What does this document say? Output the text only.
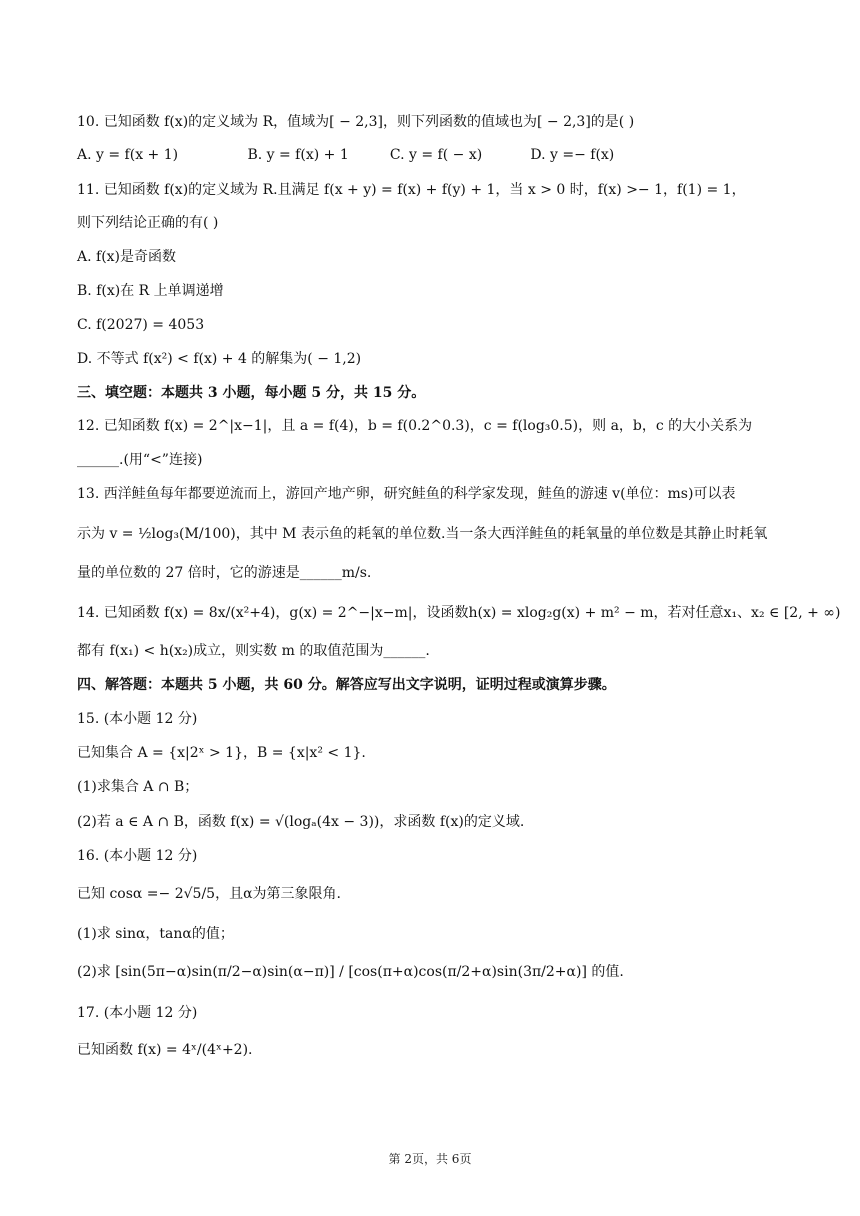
10. 已知函数 f(x)的定义域为 R，值域为[ − 2,3]，则下列函数的值域也为[ − 2,3]的是( )
A. y = f(x + 1)	B. y = f(x) + 1	C. y = f( − x)	D. y =− f(x)
11. 已知函数 f(x)的定义域为 R.且满足 f(x + y) = f(x) + f(y) + 1，当 x > 0 时，f(x) >− 1，f(1) = 1，
则下列结论正确的有( )
A. f(x)是奇函数
B. f(x)在 R 上单调递增
C. f(2027) = 4053
D. 不等式 f(x²) < f(x) + 4 的解集为( − 1,2)
三、填空题：本题共 3 小题，每小题 5 分，共 15 分。
12. 已知函数 f(x) = 2^|x−1|，且 a = f(4)，b = f(0.2^0.3)，c = f(log₃0.5)，则 a，b，c 的大小关系为
______.(用“<”连接)
13. 西洋鲑鱼每年都要逆流而上，游回产地产卵，研究鲑鱼的科学家发现，鲑鱼的游速 v(单位：ms)可以表
示为 v = ½log₃(M/100)，其中 M 表示鱼的耗氧的单位数.当一条大西洋鲑鱼的耗氧量的单位数是其静止时耗氧
量的单位数的 27 倍时，它的游速是______m/s.
14. 已知函数 f(x) = 8x/(x²+4)，g(x) = 2^−|x−m|，设函数h(x) = xlog₂g(x) + m² − m，若对任意x₁、x₂ ∈ [2, + ∞)
都有 f(x₁) < h(x₂)成立，则实数 m 的取值范围为______.
四、解答题：本题共 5 小题，共 60 分。解答应写出文字说明，证明过程或演算步骤。
15. (本小题 12 分)
已知集合 A = {x|2ˣ > 1}，B = {x|x² < 1}.
(1)求集合 A ∩ B；
(2)若 a ∈ A ∩ B，函数 f(x) = √(logₐ(4x − 3))，求函数 f(x)的定义域.
16. (本小题 12 分)
已知 cosα =− 2√5/5，且α为第三象限角.
(1)求 sinα，tanα的值；
(2)求 [sin(5π−α)sin(π/2−α)sin(α−π)] / [cos(π+α)cos(π/2+α)sin(3π/2+α)] 的值.
17. (本小题 12 分)
已知函数 f(x) = 4ˣ/(4ˣ+2).
第 2页，共 6页
